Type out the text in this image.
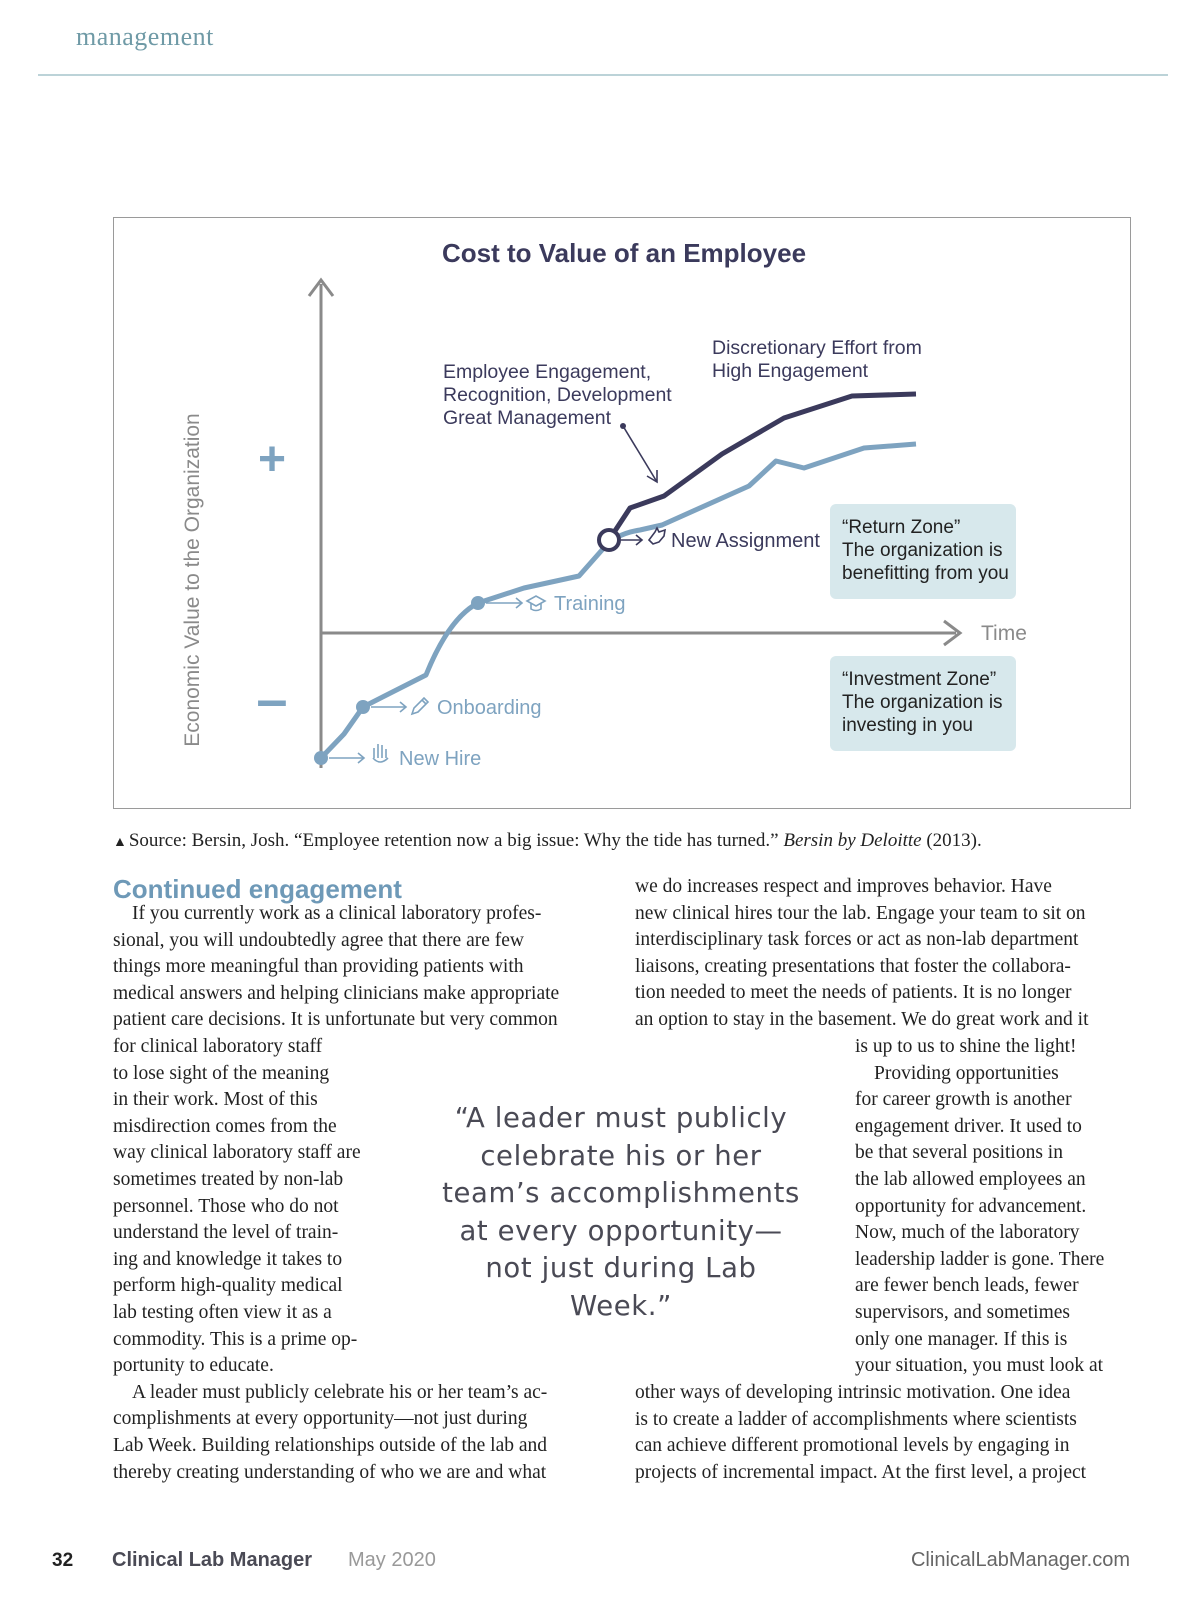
management
Cost to Value of an Employee
Economic Value to the Organization +
–
Time
New Hire
Onboarding
Training
New Assignment
Employee Engagement,
Recognition, Development
Great Management
Discretionary Effort from
High Engagement
“Return Zone”
The organization is
benefitting from you
“Investment Zone”
The organization is
investing in you
▲ Source: Bersin, Josh. “Employee retention now a big issue: Why the tide has turned.” Bersin by Deloitte (2013).
Continued engagement
If you currently work as a clinical laboratory profes-
sional, you will undoubtedly agree that there are few
things more meaningful than providing patients with
medical answers and helping clinicians make appropriate
patient care decisions. It is unfortunate but very common
for clinical laboratory staff
to lose sight of the meaning
in their work. Most of this
misdirection comes from the
way clinical laboratory staff are
sometimes treated by non-lab
personnel. Those who do not
understand the level of train-
ing and knowledge it takes to
perform high-quality medical
lab testing often view it as a
commodity. This is a prime op-
portunity to educate.
A leader must publicly celebrate his or her team’s ac-
complishments at every opportunity—not just during
Lab Week. Building relationships outside of the lab and
thereby creating understanding of who we are and what
we do increases respect and improves behavior. Have
new clinical hires tour the lab. Engage your team to sit on
interdisciplinary task forces or act as non-lab department
liaisons, creating presentations that foster the collabora-
tion needed to meet the needs of patients. It is no longer
an option to stay in the basement. We do great work and it
is up to us to shine the light!
Providing opportunities
for career growth is another
engagement driver. It used to
be that several positions in
the lab allowed employees an
opportunity for advancement.
Now, much of the laboratory
leadership ladder is gone. There
are fewer bench leads, fewer
supervisors, and sometimes
only one manager. If this is
your situation, you must look at
other ways of developing intrinsic motivation. One idea
is to create a ladder of accomplishments where scientists
can achieve different promotional levels by engaging in
projects of incremental impact. At the first level, a project
“A leader must publicly celebrate his or her team’s accomplishments at every opportunity—not just during Lab Week.”
32 Clinical Lab Manager May 2020	ClinicalLabManager.com
